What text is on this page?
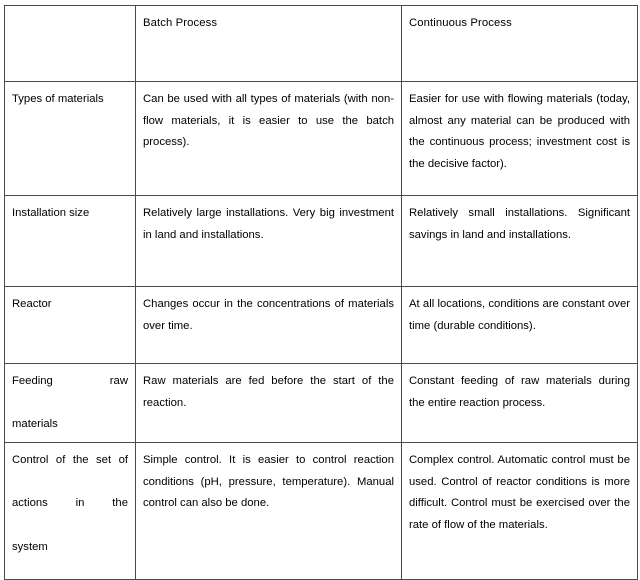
	Batch Process	Continuous Process
Types of materials	Can be used with all types of materials (with non-flow materials, it is easier to use the batch process).	Easier for use with flowing materials (today, almost any material can be produced with the continuous process; investment cost is the decisive factor).
Installation size	Relatively large installations. Very big investment in land and installations.	Relatively small installations. Significant savings in land and installations.
Reactor	Changes occur in the concentrations of materials over time.	At all locations, conditions are constant over time (durable conditions).

Feeding raw
materials	Raw materials are fed before the start of the reaction.	Constant feeding of raw materials during the entire reaction process.

Control of the set of
actions in the
system	Simple control. It is easier to control reaction conditions (pH, pressure, temperature). Manual control can also be done.	Complex control. Automatic control must be used. Control of reactor conditions is more difficult. Control must be exercised over the rate of flow of the materials.
